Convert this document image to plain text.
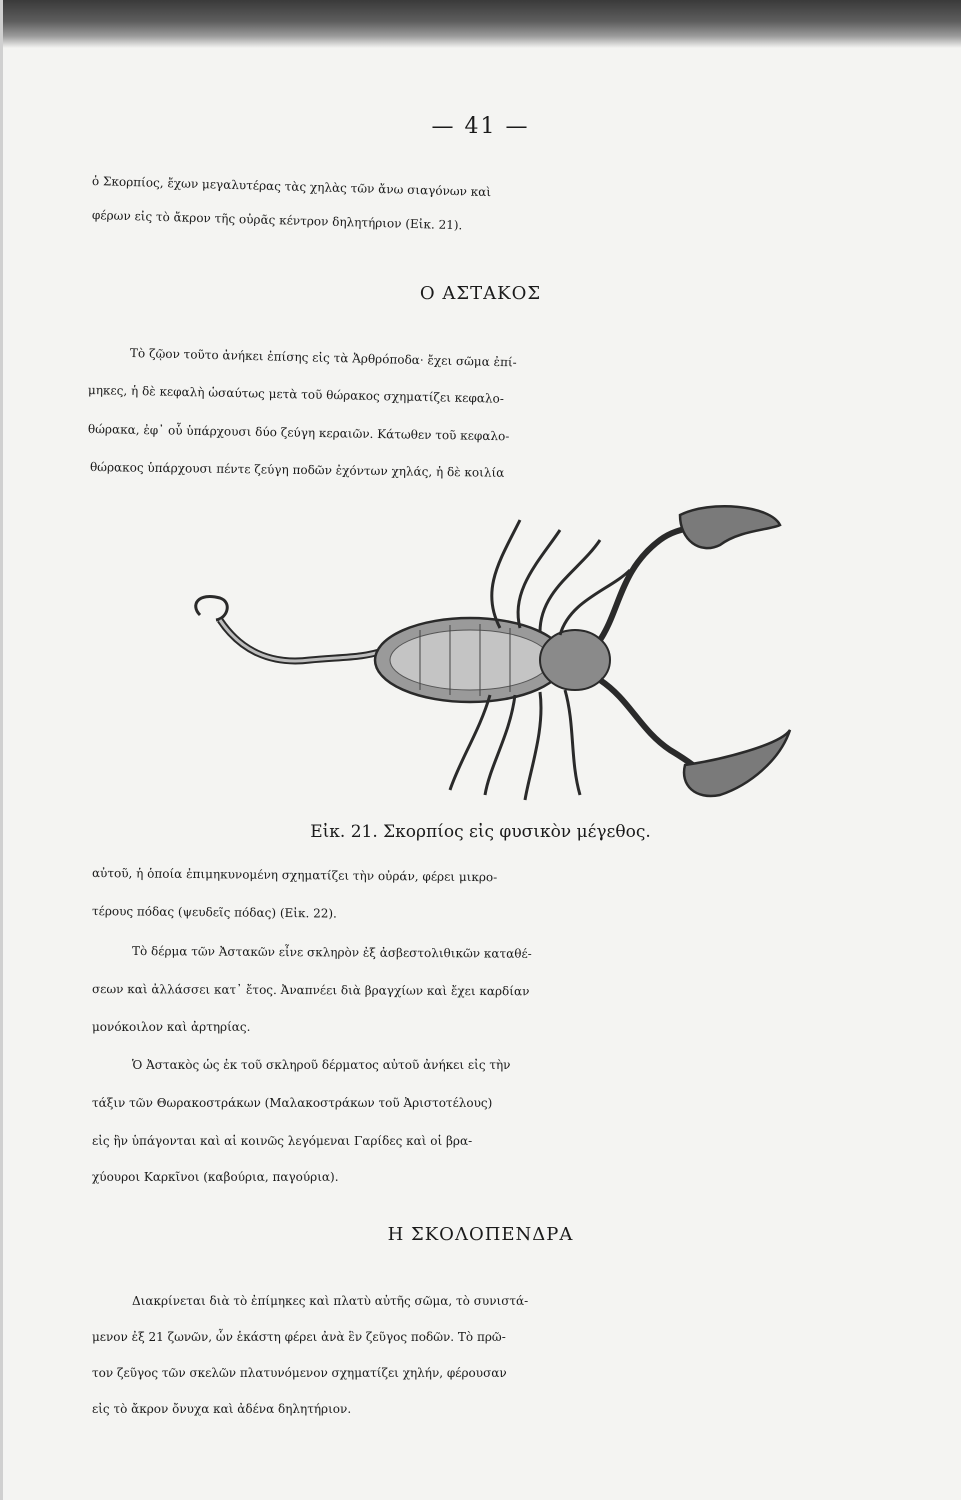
— 41 —
ὁ Σκορπίος, ἔχων μεγαλυτέρας τὰς χηλὰς τῶν ἄνω σιαγόνων καὶ
φέρων εἰς τὸ ἄκρον τῆς οὐρᾶς κέντρον δηλητήριον (Εἰκ. 21).
Ο ΑΣΤΑΚΟΣ
Τὸ ζῷον τοῦτο ἀνήκει ἐπίσης εἰς τὰ Ἀρθρόποδα· ἔχει σῶμα ἐπί-
μηκες, ἡ δὲ κεφαλὴ ὡσαύτως μετὰ τοῦ θώρακος σχηματίζει κεφαλο-
θώρακα, ἐφ᾿ οὗ ὑπάρχουσι δύο ζεύγη κεραιῶν. Κάτωθεν τοῦ κεφαλο-
θώρακος ὑπάρχουσι πέντε ζεύγη ποδῶν ἐχόντων χηλάς, ἡ δὲ κοιλία
Εἰκ. 21. Σκορπίος εἰς φυσικὸν μέγεθος.
αὐτοῦ, ἡ ὁποία ἐπιμηκυνομένη σχηματίζει τὴν οὐράν, φέρει μικρο-
τέρους πόδας (ψευδεῖς πόδας) (Εἰκ. 22).
Τὸ δέρμα τῶν Ἀστακῶν εἶνε σκληρὸν ἐξ ἀσβεστολιθικῶν καταθέ-
σεων καὶ ἀλλάσσει κατ᾿ ἔτος. Ἀναπνέει διὰ βραγχίων καὶ ἔχει καρδίαν
μονόκοιλον καὶ ἀρτηρίας.
Ὁ Ἀστακὸς ὡς ἐκ τοῦ σκληροῦ δέρματος αὐτοῦ ἀνήκει εἰς τὴν
τάξιν τῶν Θωρακοστράκων (Μαλακοστράκων τοῦ Ἀριστοτέλους)
εἰς ἣν ὑπάγονται καὶ αἱ κοινῶς λεγόμεναι Γαρίδες καὶ οἱ βρα-
χύουροι Καρκῖνοι (καβούρια, παγούρια).
Η ΣΚΟΛΟΠΕΝΔΡΑ
Διακρίνεται διὰ τὸ ἐπίμηκες καὶ πλατὺ αὐτῆς σῶμα, τὸ συνιστά-
μενον ἐξ 21 ζωνῶν, ὧν ἑκάστη φέρει ἀνὰ ἓν ζεῦγος ποδῶν. Τὸ πρῶ-
τον ζεῦγος τῶν σκελῶν πλατυνόμενον σχηματίζει χηλήν, φέρουσαν
εἰς τὸ ἄκρον ὄνυχα καὶ ἀδένα δηλητήριον.
